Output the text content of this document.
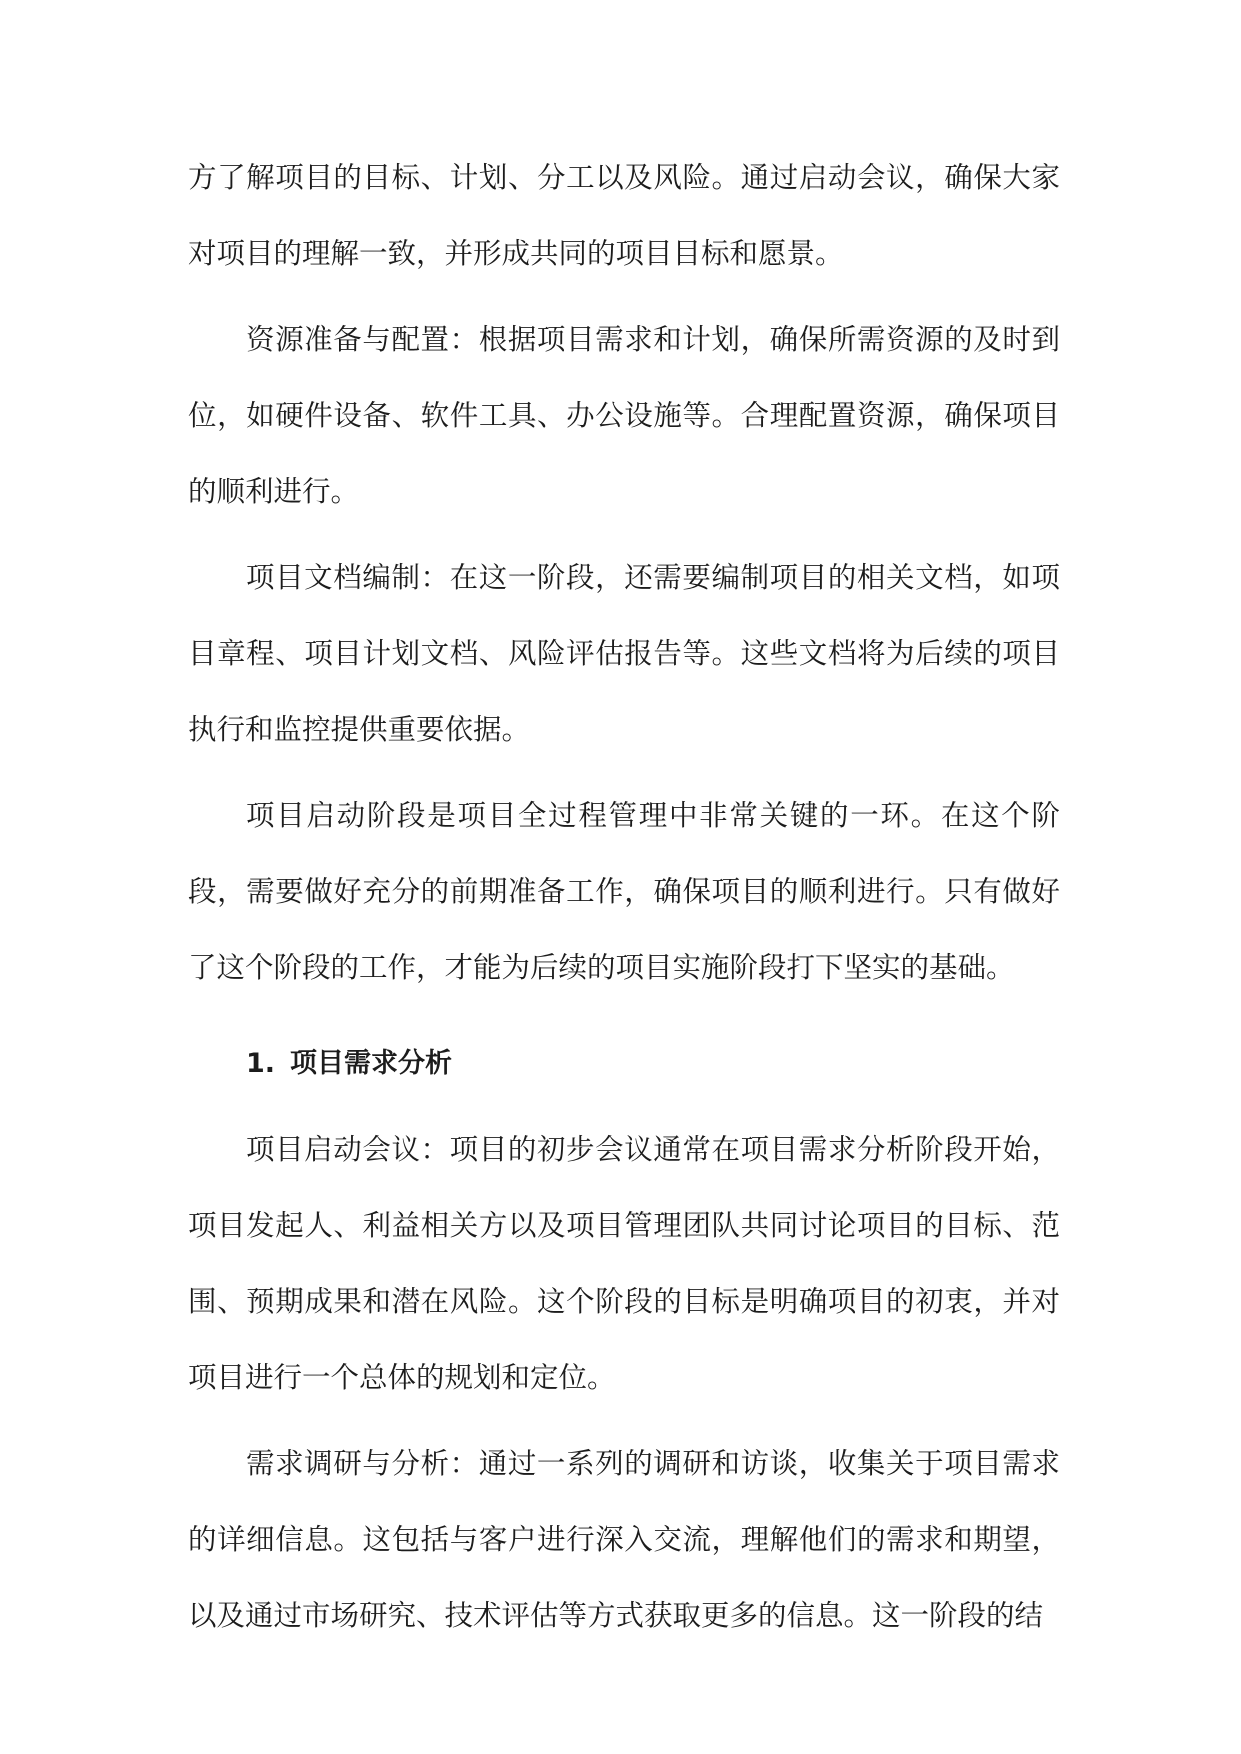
方了解项目的目标、计划、分工以及风险。通过启动会议，确保大家对项目的理解一致，并形成共同的项目目标和愿景。

资源准备与配置：根据项目需求和计划，确保所需资源的及时到位，如硬件设备、软件工具、办公设施等。合理配置资源，确保项目的顺利进行。

项目文档编制：在这一阶段，还需要编制项目的相关文档，如项目章程、项目计划文档、风险评估报告等。这些文档将为后续的项目执行和监控提供重要依据。

项目启动阶段是项目全过程管理中非常关键的一环。在这个阶段，需要做好充分的前期准备工作，确保项目的顺利进行。只有做好了这个阶段的工作，才能为后续的项目实施阶段打下坚实的基础。

1. 项目需求分析

项目启动会议：项目的初步会议通常在项目需求分析阶段开始，项目发起人、利益相关方以及项目管理团队共同讨论项目的目标、范围、预期成果和潜在风险。这个阶段的目标是明确项目的初衷，并对项目进行一个总体的规划和定位。

需求调研与分析：通过一系列的调研和访谈，收集关于项目需求的详细信息。这包括与客户进行深入交流，理解他们的需求和期望，以及通过市场研究、技术评估等方式获取更多的信息。这一阶段的结
